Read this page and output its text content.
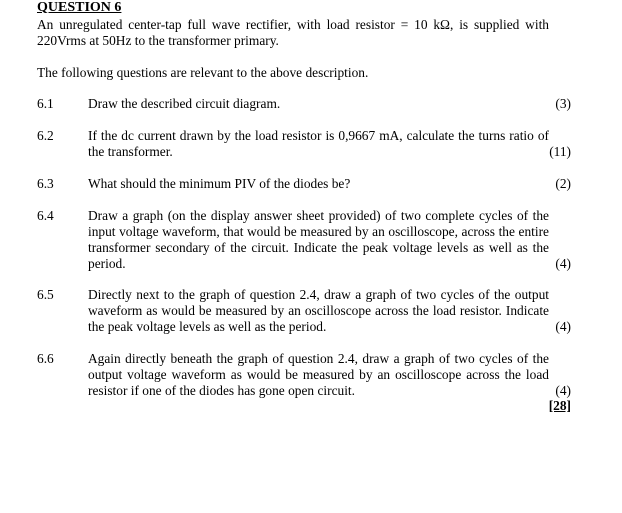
QUESTION 6
An unregulated center-tap full wave rectifier, with load resistor = 10 kΩ, is supplied with 220Vrms at 50Hz to the transformer primary.
The following questions are relevant to the above description.
6.1	Draw the described circuit diagram.	(3)
6.2	If the dc current drawn by the load resistor is 0,9667 mA, calculate the turns ratio of the transformer.	(11)
6.3	What should the minimum PIV of the diodes be?	(2)
6.4	Draw a graph (on the display answer sheet provided) of two complete cycles of the input voltage waveform, that would be measured by an oscilloscope, across the entire transformer secondary of the circuit. Indicate the peak voltage levels as well as the period.	(4)
6.5	Directly next to the graph of question 2.4, draw a graph of two cycles of the output waveform as would be measured by an oscilloscope across the load resistor. Indicate the peak voltage levels as well as the period.	(4)
6.6	Again directly beneath the graph of question 2.4, draw a graph of two cycles of the output voltage waveform as would be measured by an oscilloscope across the load resistor if one of the diodes has gone open circuit.	(4)
[28]
